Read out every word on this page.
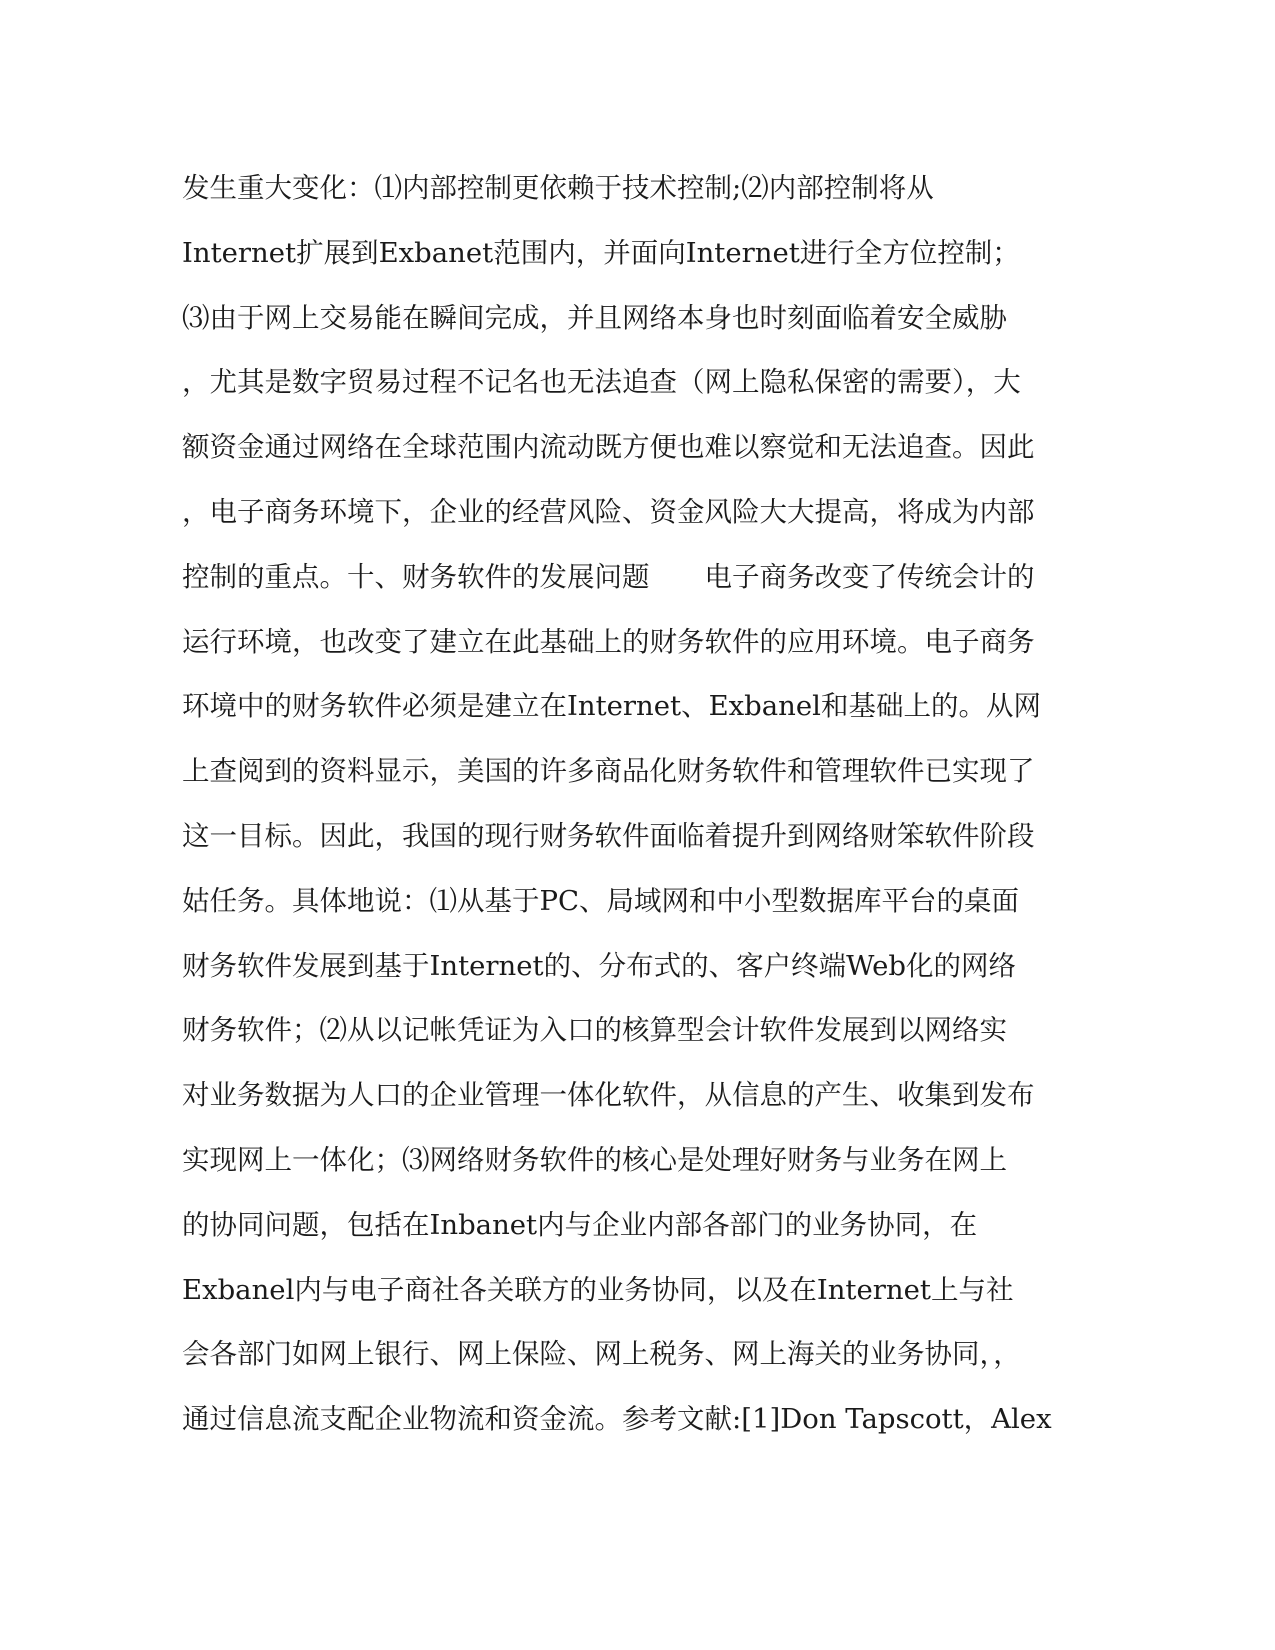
发生重大变化：⑴内部控制更依赖于技术控制;⑵内部控制将从
Internet扩展到Exbanet范围内，并面向Internet进行全方位控制；
⑶由于网上交易能在瞬间完成，并且网络本身也时刻面临着安全威胁
，尤其是数字贸易过程不记名也无法追查（网上隐私保密的需要），大
额资金通过网络在全球范围内流动既方便也难以察觉和无法追查。因此
，电子商务环境下，企业的经营风险、资金风险大大提高，将成为内部
控制的重点。十、财务软件的发展问题　　电子商务改变了传统会计的
运行环境，也改变了建立在此基础上的财务软件的应用环境。电子商务
环境中的财务软件必须是建立在Internet、Exbanel和基础上的。从网
上查阅到的资料显示，美国的许多商品化财务软件和管理软件已实现了
这一目标。因此，我国的现行财务软件面临着提升到网络财笨软件阶段
姑任务。具体地说：⑴从基于PC、局域网和中小型数据库平台的桌面
财务软件发展到基于Internet的、分布式的、客户终端Web化的网络
财务软件；⑵从以记帐凭证为入口的核算型会计软件发展到以网络实
对业务数据为人口的企业管理一体化软件，从信息的产生、收集到发布
实现网上一体化；⑶网络财务软件的核心是处理好财务与业务在网上
的协同问题，包括在Inbanet内与企业内部各部门的业务协同，在
Exbanel内与电子商社各关联方的业务协同，以及在Internet上与社
会各部门如网上银行、网上保险、网上税务、网上海关的业务协同，，
通过信息流支配企业物流和资金流。参考文献:[1]Don Tapscott，Alex
